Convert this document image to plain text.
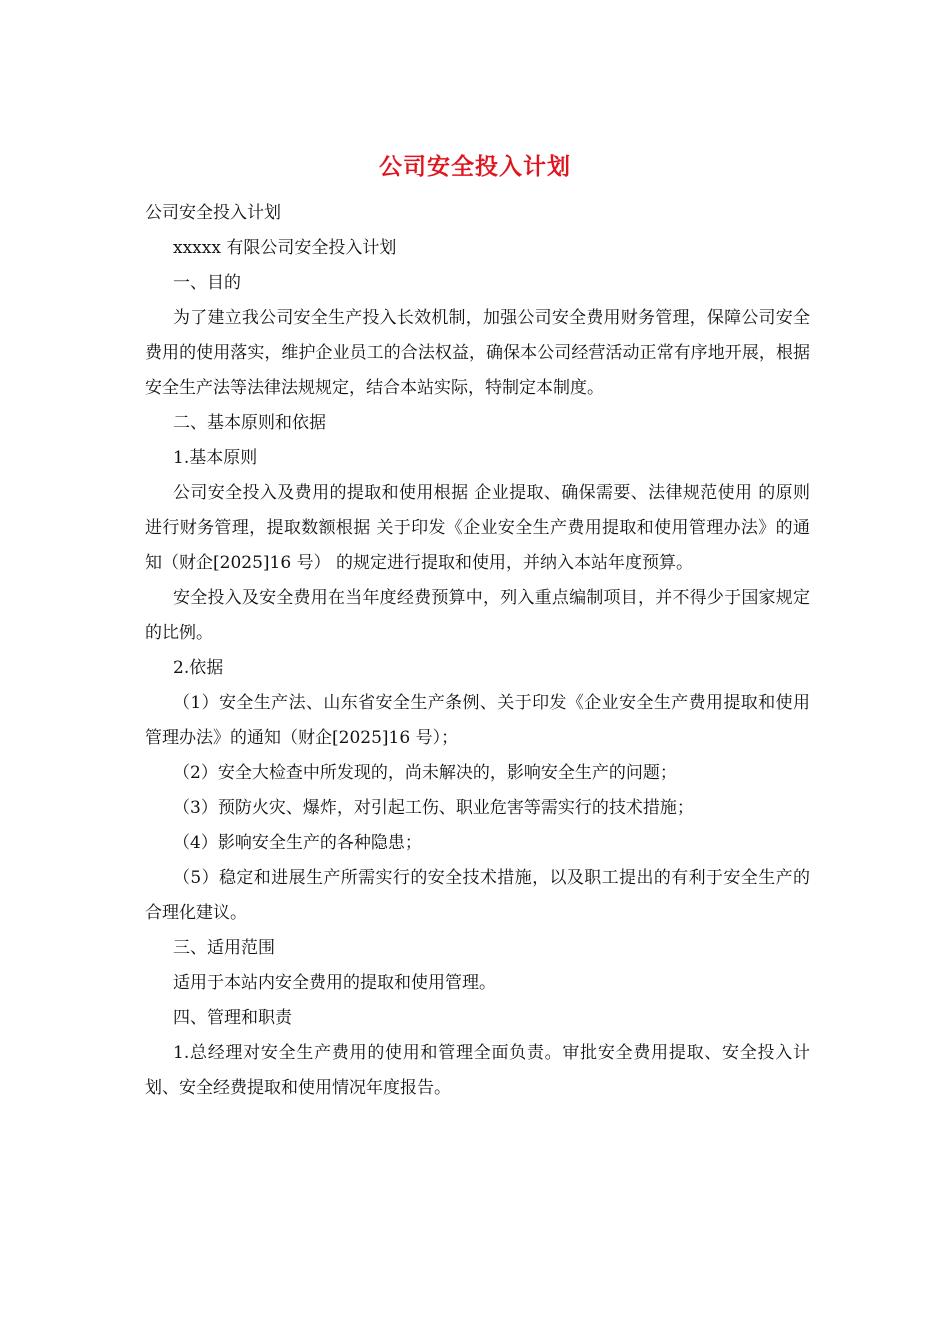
公司安全投入计划

公司安全投入计划

xxxxx 有限公司安全投入计划

一、目的

为了建立我公司安全生产投入长效机制，加强公司安全费用财务管理，保障公司安全费用的使用落实，维护企业员工的合法权益，确保本公司经营活动正常有序地开展，根据安全生产法等法律法规规定，结合本站实际，特制定本制度。

二、基本原则和依据

1.基本原则

公司安全投入及费用的提取和使用根据 企业提取、确保需要、法律规范使用 的原则进行财务管理，提取数额根据 关于印发《企业安全生产费用提取和使用管理办法》的通知（财企[2025]16 号） 的规定进行提取和使用，并纳入本站年度预算。

安全投入及安全费用在当年度经费预算中，列入重点编制项目，并不得少于国家规定的比例。

2.依据

（1）安全生产法、山东省安全生产条例、关于印发《企业安全生产费用提取和使用管理办法》的通知（财企[2025]16 号）；

（2）安全大检查中所发现的，尚未解决的，影响安全生产的问题；

（3）预防火灾、爆炸，对引起工伤、职业危害等需实行的技术措施；

（4）影响安全生产的各种隐患；

（5）稳定和进展生产所需实行的安全技术措施，以及职工提出的有利于安全生产的合理化建议。

三、适用范围

适用于本站内安全费用的提取和使用管理。

四、管理和职责

1.总经理对安全生产费用的使用和管理全面负责。审批安全费用提取、安全投入计划、安全经费提取和使用情况年度报告。
